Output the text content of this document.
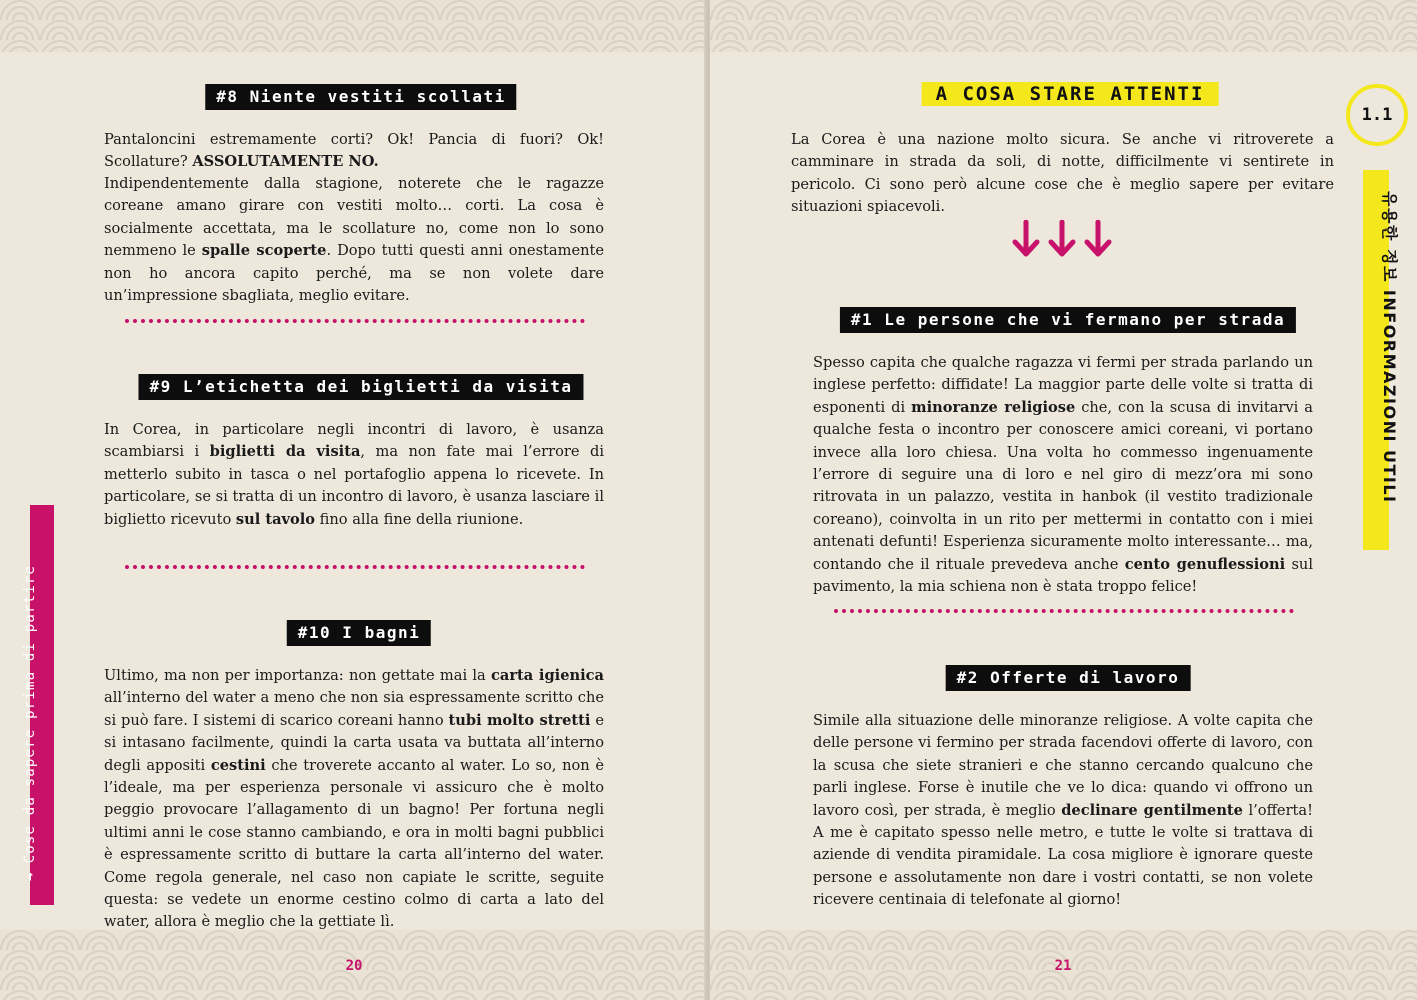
#8 Niente vestiti scollati

Pantaloncini estremamente corti? Ok! Pancia di fuori? Ok! Scollature? ASSOLUTAMENTE NO.

Indipendentemente dalla stagione, noterete che le ragazze coreane amano girare con vestiti molto… corti. La cosa è socialmente accettata, ma le scollature no, come non lo sono nemmeno le spalle scoperte. Dopo tutti questi anni onestamente non ho ancora capito perché, ma se non volete dare un’impressione sbagliata, meglio evitare.

#9 L’etichetta dei biglietti da visita

In Corea, in particolare negli incontri di lavoro, è usanza scambiarsi i biglietti da visita, ma non fate mai l’errore di metterlo subito in tasca o nel portafoglio appena lo ricevete. In particolare, se si tratta di un incontro di lavoro, è usanza lasciare il biglietto ricevuto sul tavolo fino alla fine della riunione.

#10 I bagni

Ultimo, ma non per importanza: non gettate mai la carta igienica all’interno del water a meno che non sia espressamente scritto che si può fare. I sistemi di scarico coreani hanno tubi molto stretti e si intasano facilmente, quindi la carta usata va buttata all’interno degli appositi cestini che troverete accanto al water. Lo so, non è l’ideale, ma per esperienza personale vi assicuro che è molto peggio provocare l’allagamento di un bagno! Per fortuna negli ultimi anni le cose stanno cambiando, e ora in molti bagni pubblici è espressamente scritto di buttare la carta all’interno del water. Come regola generale, nel caso non capiate le scritte, seguite questa: se vedete un enorme cestino colmo di carta a lato del water, allora è meglio che la gettiate lì.

→Cose da sapere prima di partire
20
A COSA STARE ATTENTI

La Corea è una nazione molto sicura. Se anche vi ritroverete a camminare in strada da soli, di notte, difficilmente vi sentirete in pericolo. Ci sono però alcune cose che è meglio sapere per evitare situazioni spiacevoli.

#1 Le persone che vi fermano per strada

Spesso capita che qualche ragazza vi fermi per strada parlando un inglese perfetto: diffidate! La maggior parte delle volte si tratta di esponenti di minoranze religiose che, con la scusa di invitarvi a qualche festa o incontro per conoscere amici coreani, vi portano invece alla loro chiesa. Una volta ho commesso ingenuamente l’errore di seguire una di loro e nel giro di mezz’ora mi sono ritrovata in un palazzo, vestita in hanbok (il vestito tradizionale coreano), coinvolta in un rito per mettermi in contatto con i miei antenati defunti! Esperienza sicuramente molto interessante… ma, contando che il rituale prevedeva anche cento genuflessioni sul pavimento, la mia schiena non è stata troppo felice!

#2 Offerte di lavoro

Simile alla situazione delle minoranze religiose. A volte capita che delle persone vi fermino per strada facendovi offerte di lavoro, con la scusa che siete stranieri e che stanno cercando qualcuno che parli inglese. Forse è inutile che ve lo dica: quando vi offrono un lavoro così, per strada, è meglio declinare gentilmente l’offerta! A me è capitato spesso nelle metro, e tutte le volte si trattava di aziende di vendita piramidale. La cosa migliore è ignorare queste persone e assolutamente non dare i vostri contatti, se non volete ricevere centinaia di telefonate al giorno!

21
1.1
유용한 정보 INFORMAZIONI UTILI
